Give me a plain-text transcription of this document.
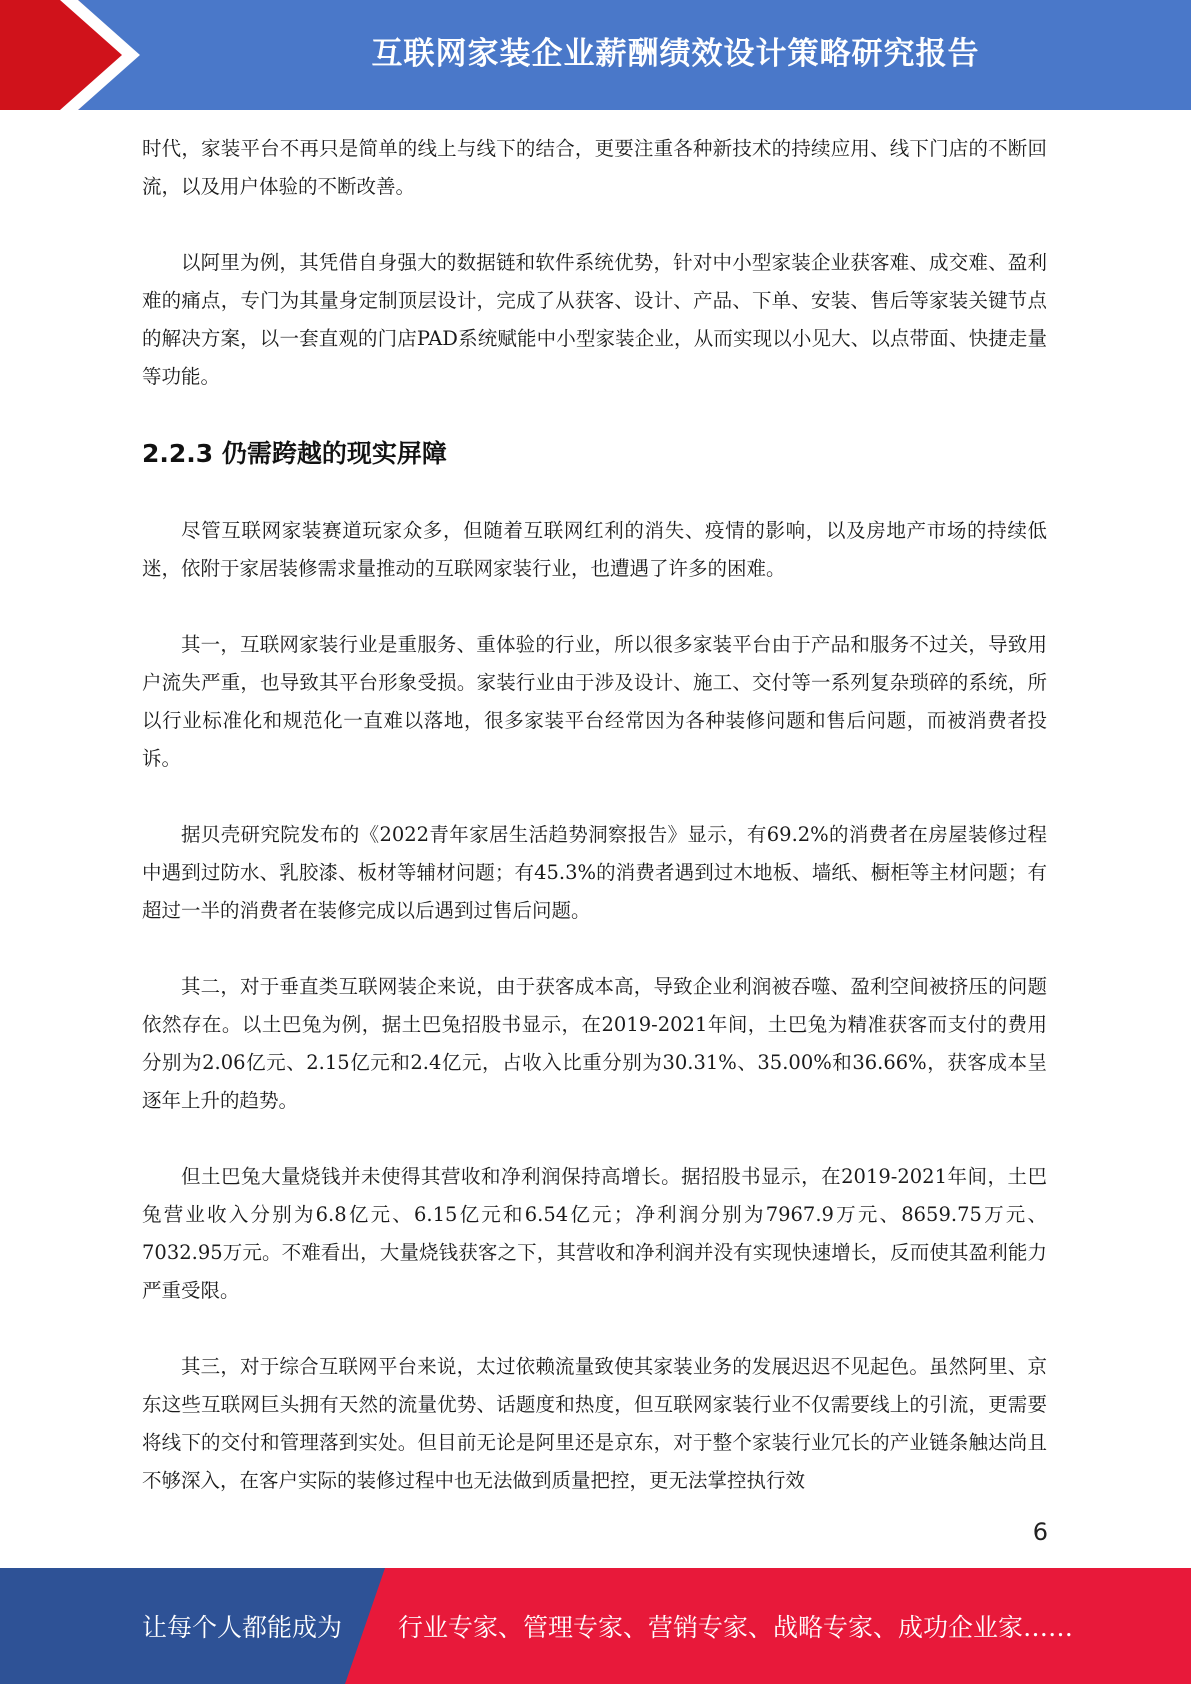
互联网家装企业薪酬绩效设计策略研究报告

时代，家装平台不再只是简单的线上与线下的结合，更要注重各种新技术的持续应用、线下门店的不断回流，以及用户体验的不断改善。

以阿里为例，其凭借自身强大的数据链和软件系统优势，针对中小型家装企业获客难、成交难、盈利难的痛点，专门为其量身定制顶层设计，完成了从获客、设计、产品、下单、安装、售后等家装关键节点的解决方案，以一套直观的门店PAD系统赋能中小型家装企业，从而实现以小见大、以点带面、快捷走量等功能。

2.2.3 仍需跨越的现实屏障

尽管互联网家装赛道玩家众多，但随着互联网红利的消失、疫情的影响，以及房地产市场的持续低迷，依附于家居装修需求量推动的互联网家装行业，也遭遇了许多的困难。

其一，互联网家装行业是重服务、重体验的行业，所以很多家装平台由于产品和服务不过关，导致用户流失严重，也导致其平台形象受损。家装行业由于涉及设计、施工、交付等一系列复杂琐碎的系统，所以行业标准化和规范化一直难以落地，很多家装平台经常因为各种装修问题和售后问题，而被消费者投诉。

据贝壳研究院发布的《2022青年家居生活趋势洞察报告》显示，有69.2%的消费者在房屋装修过程中遇到过防水、乳胶漆、板材等辅材问题；有45.3%的消费者遇到过木地板、墙纸、橱柜等主材问题；有超过一半的消费者在装修完成以后遇到过售后问题。

其二，对于垂直类互联网装企来说，由于获客成本高，导致企业利润被吞噬、盈利空间被挤压的问题依然存在。以土巴兔为例，据土巴兔招股书显示，在2019-2021年间，土巴兔为精准获客而支付的费用分别为2.06亿元、2.15亿元和2.4亿元，占收入比重分别为30.31%、35.00%和36.66%，获客成本呈逐年上升的趋势。

但土巴兔大量烧钱并未使得其营收和净利润保持高增长。据招股书显示，在2019-2021年间，土巴兔营业收入分别为6.8亿元、6.15亿元和6.54亿元；净利润分别为7967.9万元、8659.75万元、7032.95万元。不难看出，大量烧钱获客之下，其营收和净利润并没有实现快速增长，反而使其盈利能力严重受限。

其三，对于综合互联网平台来说，太过依赖流量致使其家装业务的发展迟迟不见起色。虽然阿里、京东这些互联网巨头拥有天然的流量优势、话题度和热度，但互联网家装行业不仅需要线上的引流，更需要将线下的交付和管理落到实处。但目前无论是阿里还是京东，对于整个家装行业冗长的产业链条触达尚且不够深入，在客户实际的装修过程中也无法做到质量把控，更无法掌控执行效

6
让每个人都能成为 行业专家、管理专家、营销专家、战略专家、成功企业家……
